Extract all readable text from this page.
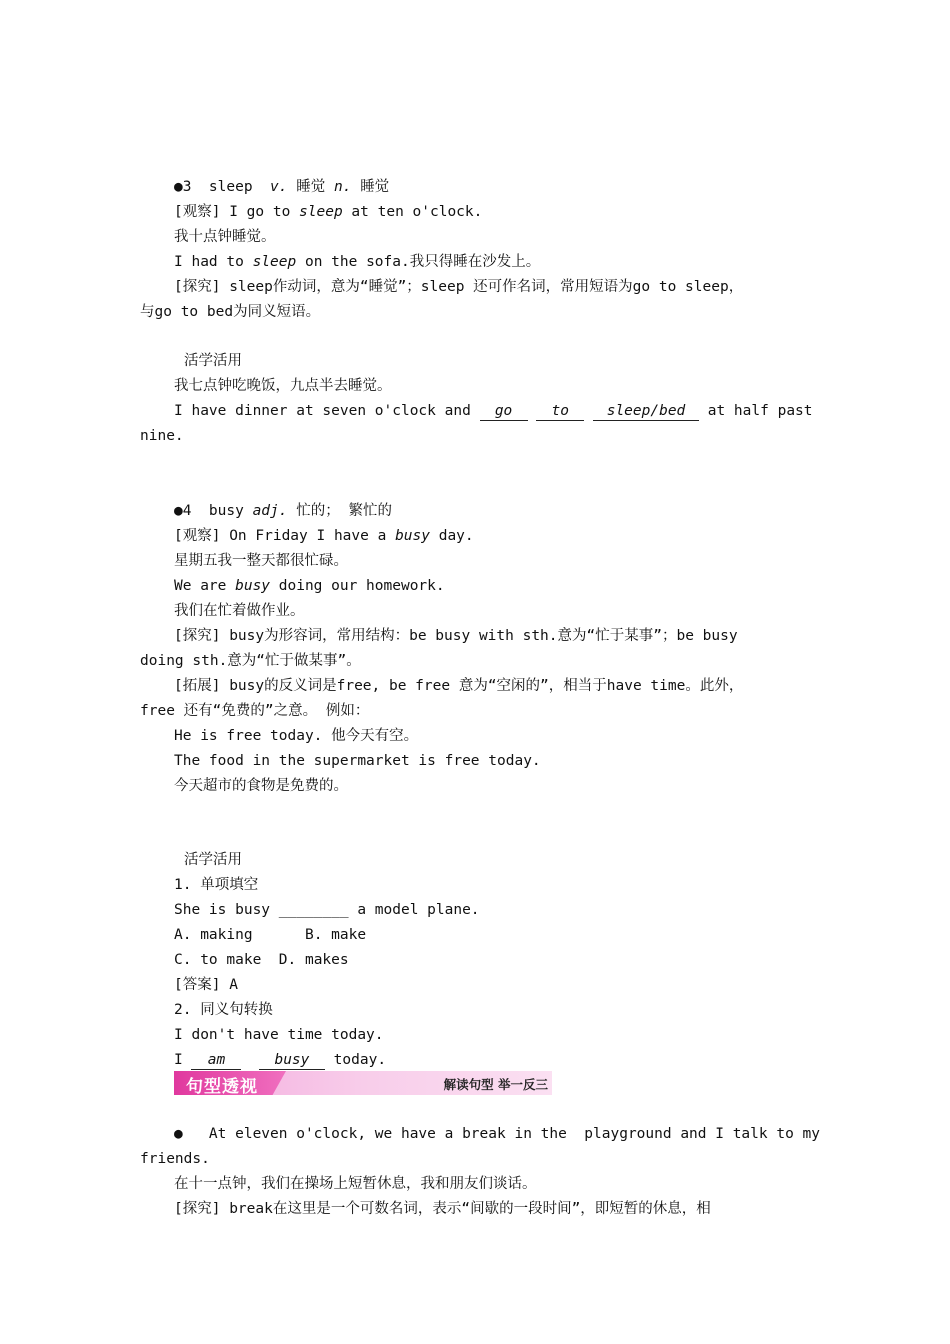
●3  sleep v. 睡觉 n. 睡觉
[观察] I go to sleep at ten o'clock.
我十点钟睡觉。
I had to sleep on the sofa.我只得睡在沙发上。
[探究] sleep作动词，意为“睡觉”；sleep 还可作名词，常用短语为go to sleep，
与go to bed为同义短语。
活学活用
我七点钟吃晚饭，九点半去睡觉。
I have dinner at seven o'clock and go	to	sleep/bed at half past
nine.
●4  busy adj. 忙的； 繁忙的
[观察] On Friday I have a busy day.
星期五我一整天都很忙碌。
We are busy doing our homework.
我们在忙着做作业。
[探究] busy为形容词，常用结构：be busy with sth.意为“忙于某事”；be busy
doing sth.意为“忙于做某事”。
[拓展] busy的反义词是free, be free 意为“空闲的”，相当于have time。此外，
free 还有“免费的”之意。 例如：
He is free today. 他今天有空。
The food in the supermarket is free today.
今天超市的食物是免费的。
活学活用
1. 单项填空
She is busy ________ a model plane.
A. making	B. make
C. to make D. makes
[答案] A
2. 同义句转换
I don't have time today.
I am	busy today.
句型透视	解读句型 举一反三
●   At eleven o'clock, we have a break in the  playground and I talk to my
friends.
在十一点钟，我们在操场上短暂休息，我和朋友们谈话。
[探究] break在这里是一个可数名词，表示“间歇的一段时间”，即短暂的休息，相
